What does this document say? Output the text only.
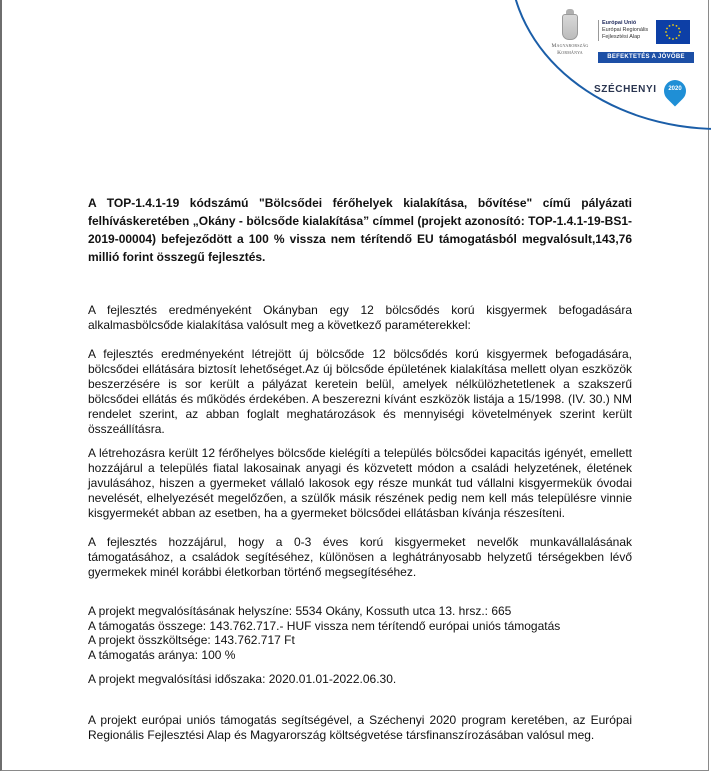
Magyarország
Kormánya
Európai Unió
Európai Regionális
Fejlesztési Alap
BEFEKTETÉS A JÖVŐBE
SZÉCHENYI	2020
A TOP-1.4.1-19 kódszámú "Bölcsődei férőhelyek kialakítása, bővítése" című pályázati felhíváskeretében „Okány - bölcsőde kialakítása” címmel (projekt azonosító: TOP-1.4.1-19-BS1-2019-00004) befejeződött a 100 % vissza nem térítendő EU támogatásból megvalósult,143,76 millió forint összegű fejlesztés.
A fejlesztés eredményeként Okányban egy 12 bölcsődés korú kisgyermek befogadására alkalmasbölcsőde kialakítása valósult meg a következő paraméterekkel:
A fejlesztés eredményeként létrejött új bölcsőde 12 bölcsődés korú kisgyermek befogadására, bölcsődei ellátására biztosít lehetőséget.Az új bölcsőde épületének kialakítása mellett olyan eszközök beszerzésére is sor került a pályázat keretein belül, amelyek nélkülözhetetlenek a szakszerű bölcsődei ellátás és működés érdekében. A beszerezni kívánt eszközök listája a 15/1998. (IV. 30.) NM rendelet szerint, az abban foglalt meghatározások és mennyiségi követelmények szerint került összeállításra.
A létrehozásra került 12 férőhelyes bölcsőde kielégíti a település bölcsődei kapacitás igényét, emellett hozzájárul a település fiatal lakosainak anyagi és közvetett módon a családi helyzetének, életének javulásához, hiszen a gyermeket vállaló lakosok egy része munkát tud vállalni kisgyermekük óvodai nevelését, elhelyezését megelőzően, a szülők másik részének pedig nem kell más településre vinnie kisgyermekét abban az esetben, ha a gyermeket bölcsődei ellátásban kívánja részesíteni.
A fejlesztés hozzájárul, hogy a 0-3 éves korú kisgyermeket nevelők munkavállalásának támogatásához, a családok segítéséhez, különösen a leghátrányosabb helyzetű térségekben lévő gyermekek minél korábbi életkorban történő megsegítéséhez.
A projekt megvalósításának helyszíne: 5534 Okány, Kossuth utca 13. hrsz.: 665
A támogatás összege: 143.762.717.- HUF vissza nem térítendő európai uniós támogatás
A projekt összköltsége: 143.762.717 Ft
A támogatás aránya: 100 %
A projekt megvalósítási időszaka: 2020.01.01-2022.06.30.
A projekt európai uniós támogatás segítségével, a Széchenyi 2020 program keretében, az Európai Regionális Fejlesztési Alap és Magyarország költségvetése társfinanszírozásában valósul meg.
